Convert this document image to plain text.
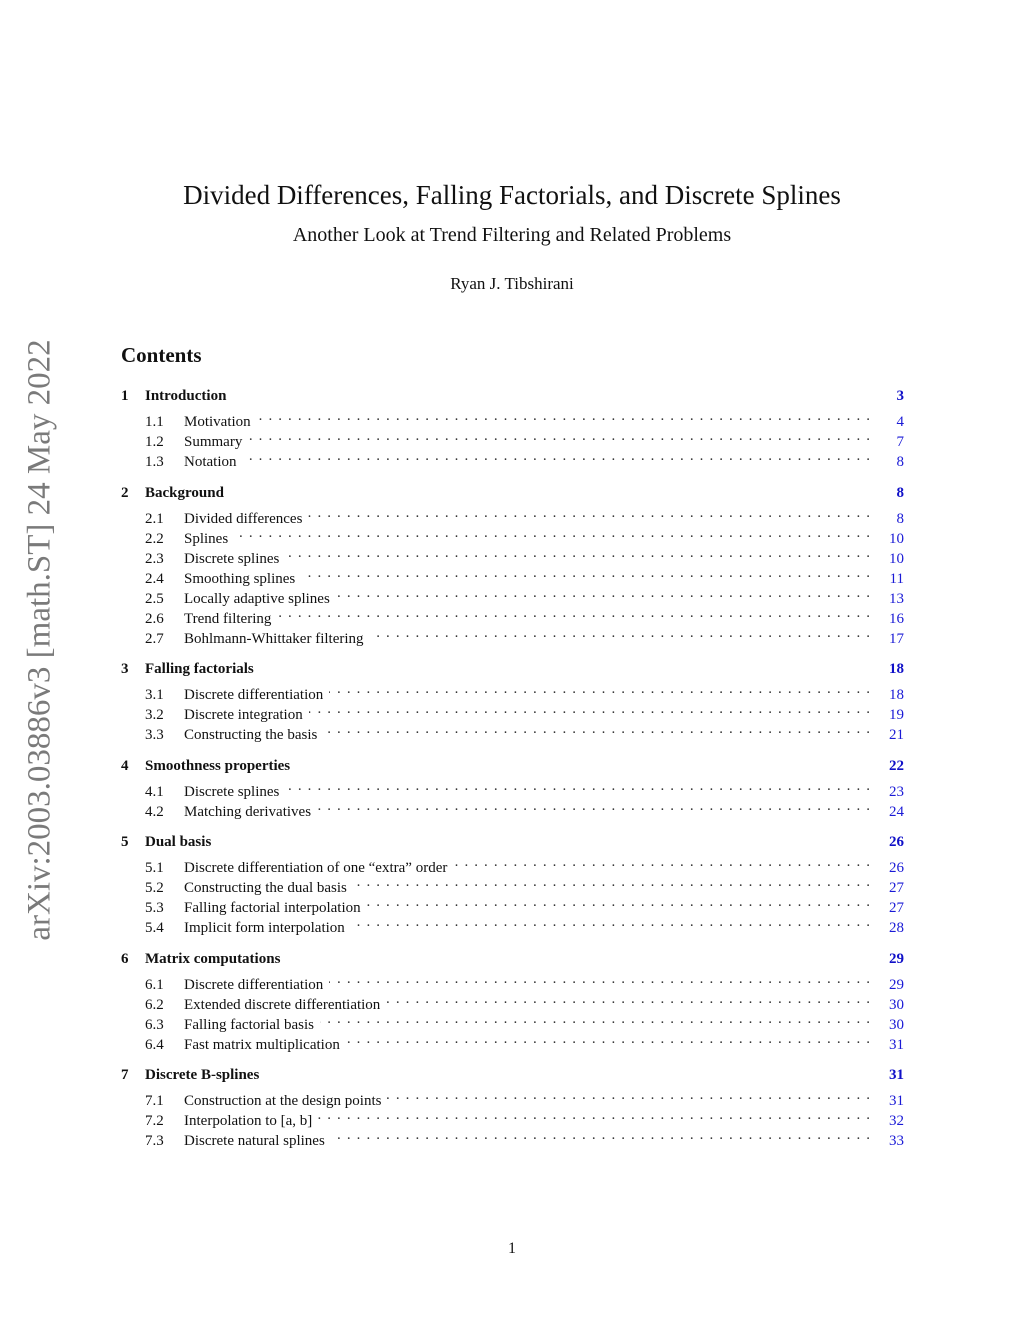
arXiv:2003.03886v3 [math.ST] 24 May 2022
Divided Differences, Falling Factorials, and Discrete Splines
Another Look at Trend Filtering and Related Problems
Ryan J. Tibshirani
Contents
1	Introduction	3
1.1	Motivation . . .	4
1.2	Summary . . .	7
1.3	Notation . . .	8
2	Background	8
2.1	Divided differences . . .	8
2.2	Splines . . .	10
2.3	Discrete splines . . .	10
2.4	Smoothing splines . . .	11
2.5	Locally adaptive splines . . .	13
2.6	Trend filtering . . .	16
2.7	Bohlmann-Whittaker filtering . . .	17
3	Falling factorials	18
3.1	Discrete differentiation . . .	18
3.2	Discrete integration . . .	19
3.3	Constructing the basis . . .	21
4	Smoothness properties	22
4.1	Discrete splines . . .	23
4.2	Matching derivatives . . .	24
5	Dual basis	26
5.1	Discrete differentiation of one “extra” order . . .	26
5.2	Constructing the dual basis . . .	27
5.3	Falling factorial interpolation . . .	27
5.4	Implicit form interpolation . . .	28
6	Matrix computations	29
6.1	Discrete differentiation . . .	29
6.2	Extended discrete differentiation . . .	30
6.3	Falling factorial basis . . .	30
6.4	Fast matrix multiplication . . .	31
7	Discrete B-splines	31
7.1	Construction at the design points . . .	31
7.2	Interpolation to [a, b] . . .	32
7.3	Discrete natural splines . . .	33
1
